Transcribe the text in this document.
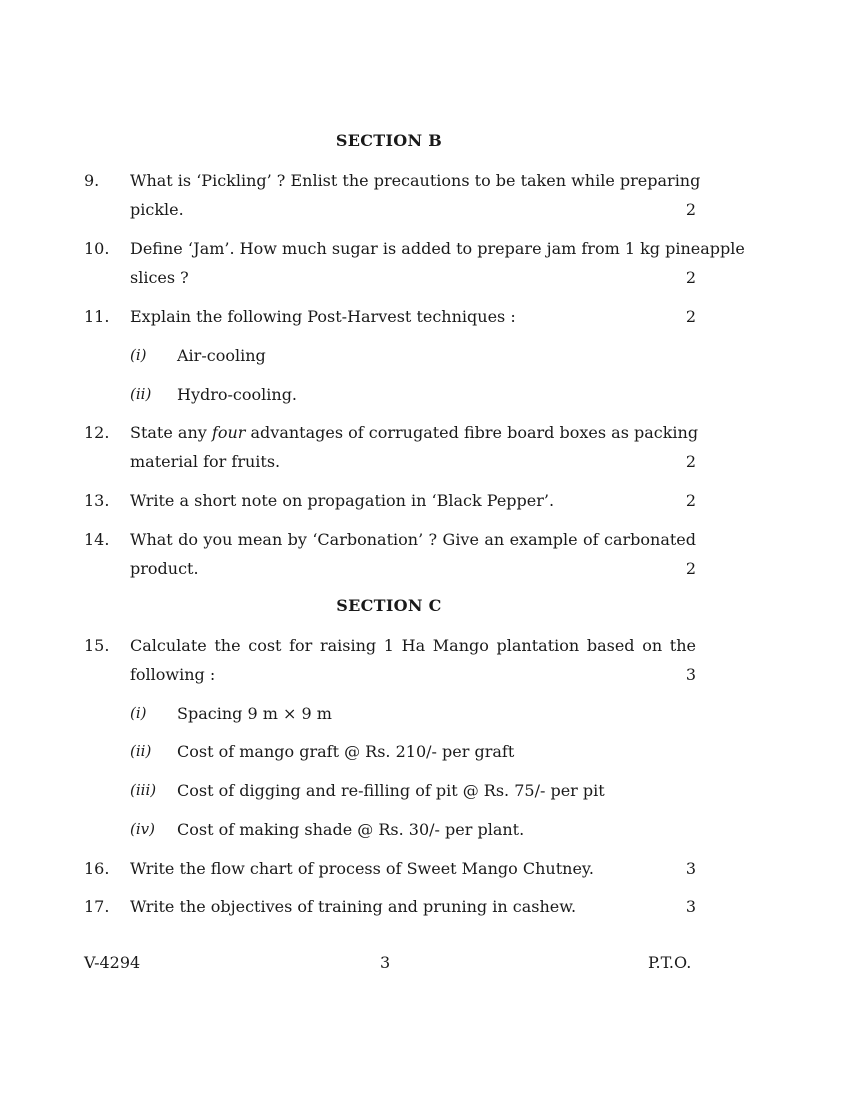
SECTION B
9. What is ‘Pickling’ ? Enlist the precautions to be taken while preparing
pickle.	2
10. Define ‘Jam’. How much sugar is added to prepare jam from 1 kg pineapple
slices ?	2
11. Explain the following Post-Harvest techniques :	2
(i) Air-cooling
(ii) Hydro-cooling.
12. State any four advantages of corrugated fibre board boxes as packing
material for fruits.	2
13. Write a short note on propagation in ‘Black Pepper’.	2
14. What do you mean by ‘Carbonation’ ? Give an example of carbonated
product.	2
SECTION C
15. Calculate the cost for raising 1 Ha Mango plantation based on the
following :	3
(i) Spacing 9 m × 9 m
(ii) Cost of mango graft @ Rs. 210/- per graft
(iii) Cost of digging and re-filling of pit @ Rs. 75/- per pit
(iv) Cost of making shade @ Rs. 30/- per plant.
16. Write the flow chart of process of Sweet Mango Chutney.	3
17. Write the objectives of training and pruning in cashew.	3
V-4294	3	P.T.O.
